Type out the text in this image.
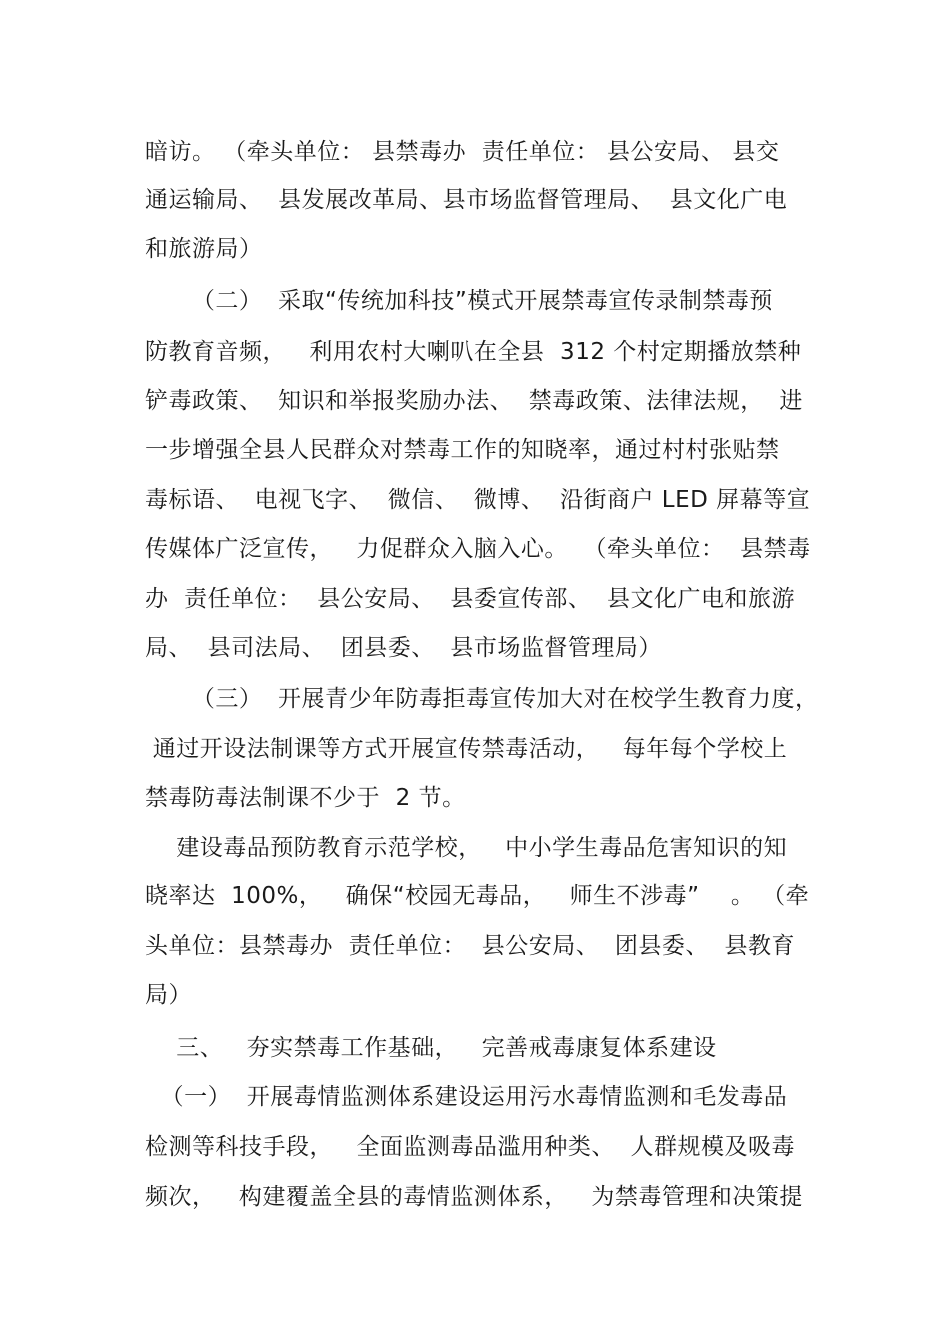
暗访。 （牵头单位： 县禁毒办  责任单位： 县公安局、 县交
通运输局、  县发展改革局、县市场监督管理局、  县文化广电
和旅游局）
（二）  采取“传统加科技”模式开展禁毒宣传录制禁毒预
防教育音频，   利用农村大喇叭在全县  312 个村定期播放禁种
铲毒政策、  知识和举报奖励办法、  禁毒政策、法律法规，  进
一步增强全县人民群众对禁毒工作的知晓率，通过村村张贴禁
毒标语、  电视飞字、  微信、  微博、  沿街商户 LED 屏幕等宣
传媒体广泛宣传，   力促群众入脑入心。  （牵头单位：  县禁毒
办  责任单位：  县公安局、  县委宣传部、  县文化广电和旅游
局、  县司法局、  团县委、  县市场监督管理局）
（三）  开展青少年防毒拒毒宣传加大对在校学生教育力度，
通过开设法制课等方式开展宣传禁毒活动，   每年每个学校上
禁毒防毒法制课不少于  2 节。
建设毒品预防教育示范学校，   中小学生毒品危害知识的知
晓率达  100%，   确保“校园无毒品，   师生不涉毒”    。 （牵
头单位：县禁毒办  责任单位：  县公安局、  团县委、  县教育
局）
三、   夯实禁毒工作基础，   完善戒毒康复体系建设
（一）  开展毒情监测体系建设运用污水毒情监测和毛发毒品
检测等科技手段，   全面监测毒品滥用种类、  人群规模及吸毒
频次，   构建覆盖全县的毒情监测体系，   为禁毒管理和决策提
